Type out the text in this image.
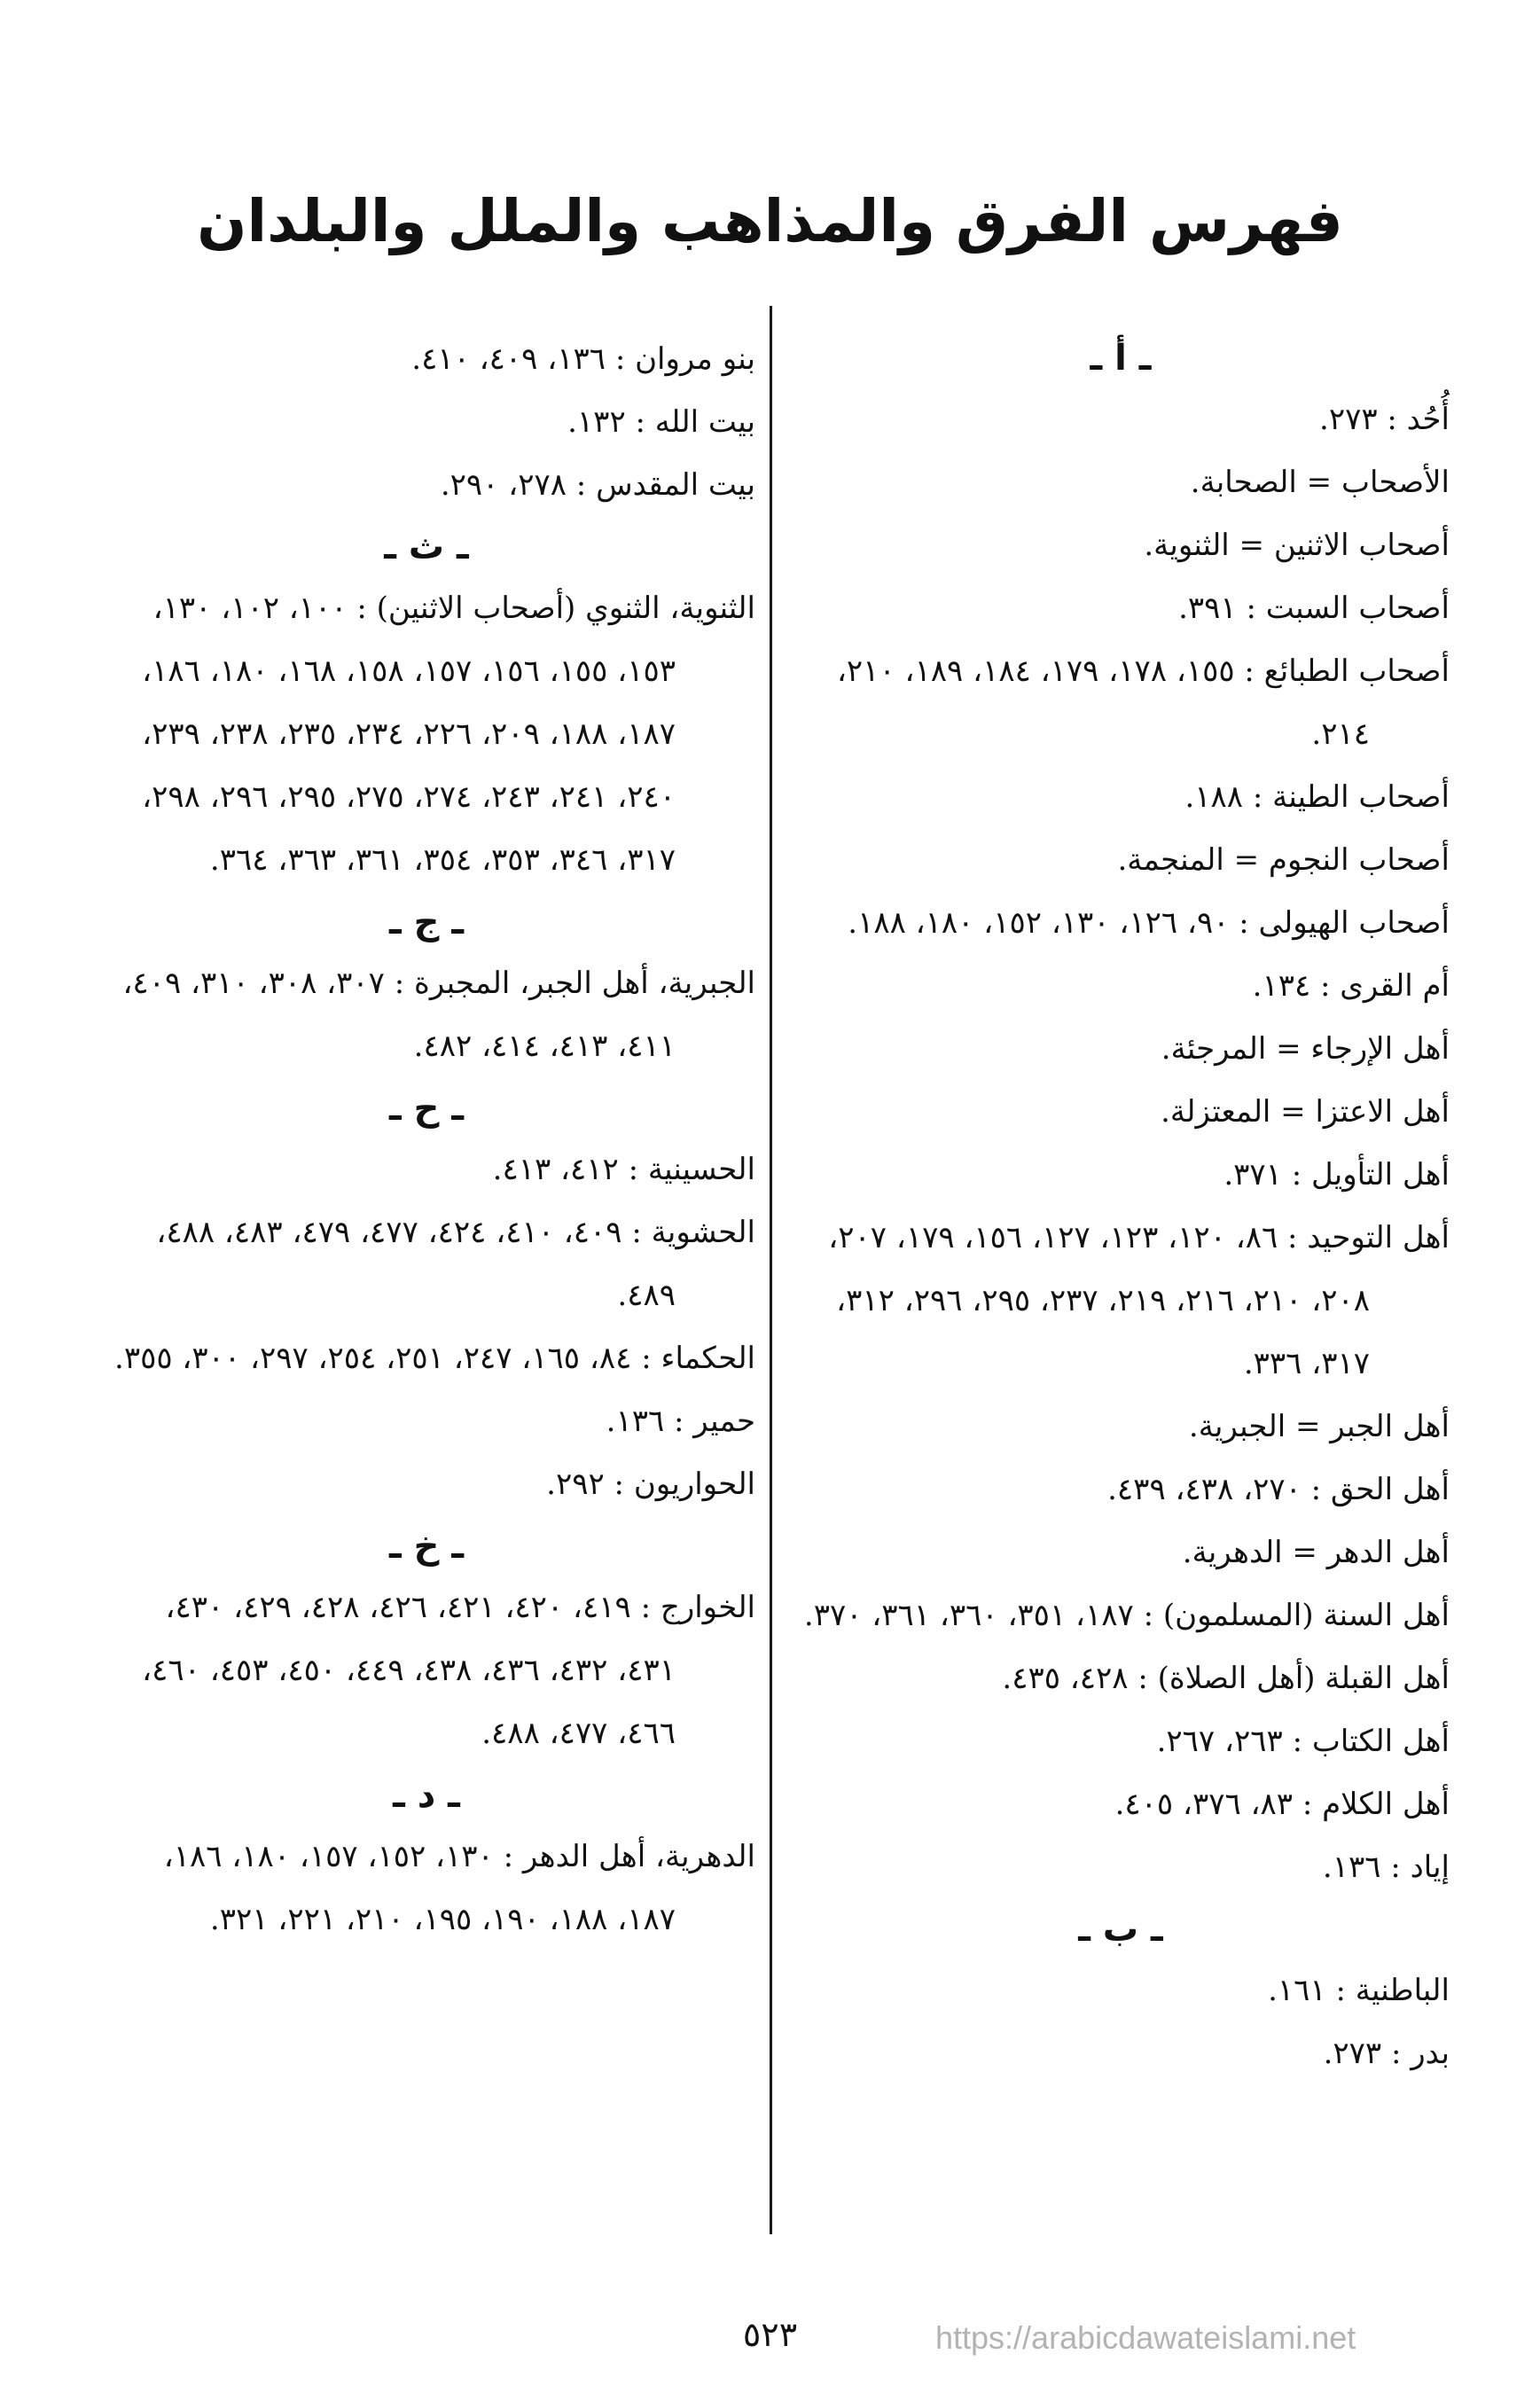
فهرس الفرق والمذاهب والملل والبلدان
ـ أ ـ
أُحُد : ٢٧٣.
الأصحاب = الصحابة.
أصحاب الاثنين = الثنوية.
أصحاب السبت : ٣٩١.
أصحاب الطبائع : ١٥٥، ١٧٨، ١٧٩، ١٨٤، ١٨٩، ٢١٠، ٢١٤.
أصحاب الطينة : ١٨٨.
أصحاب النجوم = المنجمة.
أصحاب الهيولى : ٩٠، ١٢٦، ١٣٠، ١٥٢، ١٨٠، ١٨٨.
أم القرى : ١٣٤.
أهل الإرجاء = المرجئة.
أهل الاعتزا = المعتزلة.
أهل التأويل : ٣٧١.
أهل التوحيد : ٨٦، ١٢٠، ١٢٣، ١٢٧، ١٥٦، ١٧٩، ٢٠٧، ٢٠٨، ٢١٠، ٢١٦، ٢١٩، ٢٣٧، ٢٩٥، ٢٩٦، ٣١٢، ٣١٧، ٣٣٦.
أهل الجبر = الجبرية.
أهل الحق : ٢٧٠، ٤٣٨، ٤٣٩.
أهل الدهر = الدهرية.
أهل السنة (المسلمون) : ١٨٧، ٣٥١، ٣٦٠، ٣٦١، ٣٧٠.
أهل القبلة (أهل الصلاة) : ٤٢٨، ٤٣٥.
أهل الكتاب : ٢٦٣، ٢٦٧.
أهل الكلام : ٨٣، ٣٧٦، ٤٠٥.
إياد : ١٣٦.
ـ ب ـ
الباطنية : ١٦١.
بدر : ٢٧٣.
بنو مروان : ١٣٦، ٤٠٩، ٤١٠.
بيت الله : ١٣٢.
بيت المقدس : ٢٧٨، ٢٩٠.
ـ ث ـ
الثنوية، الثنوي (أصحاب الاثنين) : ١٠٠، ١٠٢، ١٣٠، ١٥٣، ١٥٥، ١٥٦، ١٥٧، ١٥٨، ١٦٨، ١٨٠، ١٨٦، ١٨٧، ١٨٨، ٢٠٩، ٢٢٦، ٢٣٤، ٢٣٥، ٢٣٨، ٢٣٩، ٢٤٠، ٢٤١، ٢٤٣، ٢٧٤، ٢٧٥، ٢٩٥، ٢٩٦، ٢٩٨، ٣١٧، ٣٤٦، ٣٥٣، ٣٥٤، ٣٦١، ٣٦٣، ٣٦٤.
ـ ج ـ
الجبرية، أهل الجبر، المجبرة : ٣٠٧، ٣٠٨، ٣١٠، ٤٠٩، ٤١١، ٤١٣، ٤١٤، ٤٨٢.
ـ ح ـ
الحسينية : ٤١٢، ٤١٣.
الحشوية : ٤٠٩، ٤١٠، ٤٢٤، ٤٧٧، ٤٧٩، ٤٨٣، ٤٨٨، ٤٨٩.
الحكماء : ٨٤، ١٦٥، ٢٤٧، ٢٥١، ٢٥٤، ٢٩٧، ٣٠٠، ٣٥٥.
حمير : ١٣٦.
الحواريون : ٢٩٢.
ـ خ ـ
الخوارج : ٤١٩، ٤٢٠، ٤٢١، ٤٢٦، ٤٢٨، ٤٢٩، ٤٣٠، ٤٣١، ٤٣٢، ٤٣٦، ٤٣٨، ٤٤٩، ٤٥٠، ٤٥٣، ٤٦٠، ٤٦٦، ٤٧٧، ٤٨٨.
ـ د ـ
الدهرية، أهل الدهر : ١٣٠، ١٥٢، ١٥٧، ١٨٠، ١٨٦، ١٨٧، ١٨٨، ١٩٠، ١٩٥، ٢١٠، ٢٢١، ٣٢١.
٥٢٣	https://arabicdawateislami.net
